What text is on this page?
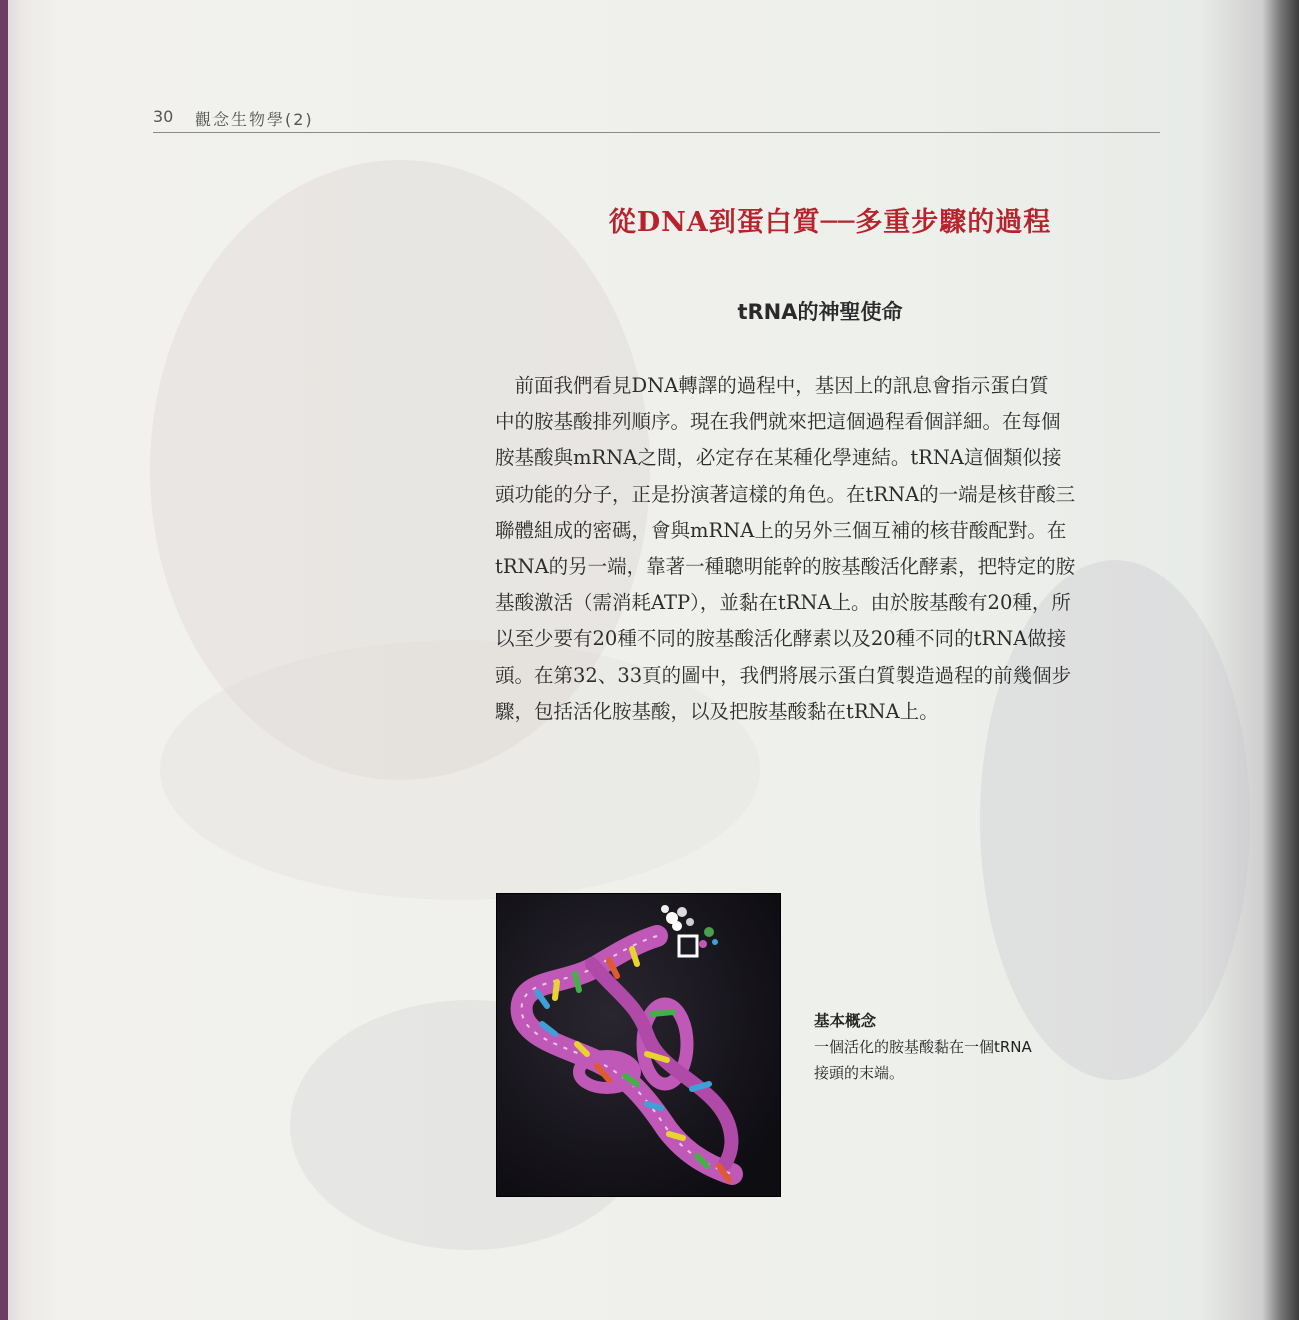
30 觀念生物學(2)
從DNA到蛋白質──多重步驟的過程
tRNA的神聖使命
　前面我們看見DNA轉譯的過程中，基因上的訊息會指示蛋白質
中的胺基酸排列順序。現在我們就來把這個過程看個詳細。在每個
胺基酸與mRNA之間，必定存在某種化學連結。tRNA這個類似接
頭功能的分子，正是扮演著這樣的角色。在tRNA的一端是核苷酸三
聯體組成的密碼，會與mRNA上的另外三個互補的核苷酸配對。在
tRNA的另一端，靠著一種聰明能幹的胺基酸活化酵素，把特定的胺
基酸激活（需消耗ATP），並黏在tRNA上。由於胺基酸有20種，所
以至少要有20種不同的胺基酸活化酵素以及20種不同的tRNA做接
頭。在第32、33頁的圖中，我們將展示蛋白質製造過程的前幾個步
驟，包括活化胺基酸，以及把胺基酸黏在tRNA上。
基本概念
一個活化的胺基酸黏在一個tRNA
接頭的末端。
